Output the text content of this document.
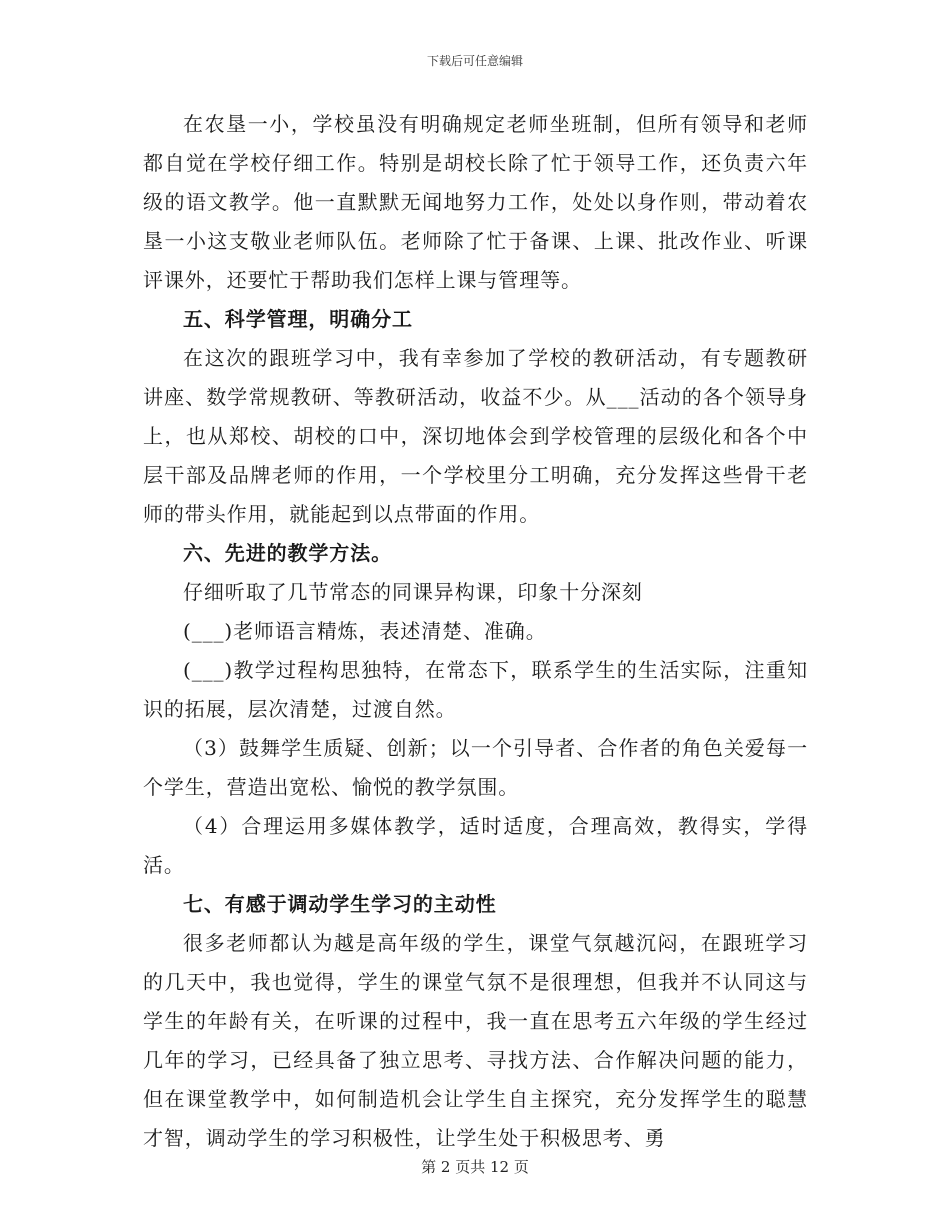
下载后可任意编辑

在农垦一小，学校虽没有明确规定老师坐班制，但所有领导和老师都自觉在学校仔细工作。特别是胡校长除了忙于领导工作，还负责六年级的语文教学。他一直默默无闻地努力工作，处处以身作则，带动着农垦一小这支敬业老师队伍。老师除了忙于备课、上课、批改作业、听课评课外，还要忙于帮助我们怎样上课与管理等。

五、科学管理，明确分工

在这次的跟班学习中，我有幸参加了学校的教研活动，有专题教研讲座、数学常规教研、等教研活动，收益不少。从___活动的各个领导身上，也从郑校、胡校的口中，深切地体会到学校管理的层级化和各个中层干部及品牌老师的作用，一个学校里分工明确，充分发挥这些骨干老师的带头作用，就能起到以点带面的作用。

六、先进的教学方法。

仔细听取了几节常态的同课异构课，印象十分深刻

(___)老师语言精炼，表述清楚、准确。

(___)教学过程构思独特，在常态下，联系学生的生活实际，注重知识的拓展，层次清楚，过渡自然。

（3）鼓舞学生质疑、创新；以一个引导者、合作者的角色关爱每一个学生，营造出宽松、愉悦的教学氛围。

（4）合理运用多媒体教学，适时适度，合理高效，教得实，学得活。

七、有感于调动学生学习的主动性

很多老师都认为越是高年级的学生，课堂气氛越沉闷，在跟班学习的几天中，我也觉得，学生的课堂气氛不是很理想，但我并不认同这与学生的年龄有关，在听课的过程中，我一直在思考五六年级的学生经过几年的学习，已经具备了独立思考、寻找方法、合作解决问题的能力，但在课堂教学中，如何制造机会让学生自主探究，充分发挥学生的聪慧才智，调动学生的学习积极性，让学生处于积极思考、勇

第 2 页共 12 页
